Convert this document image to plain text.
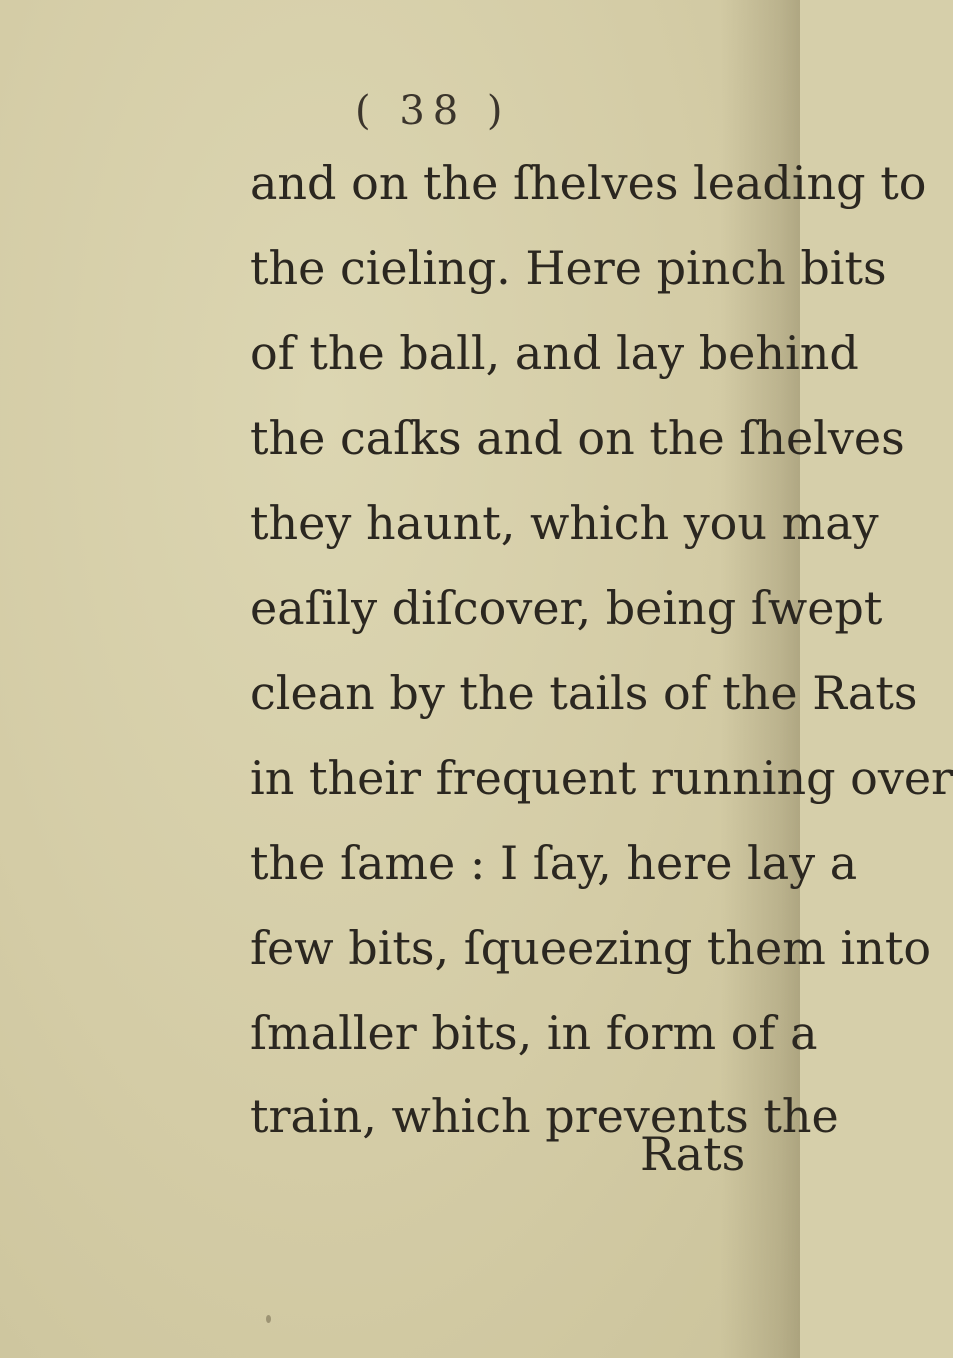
( 38 )
and on the ſhelves leading to
the cieling. Here pinch bits
of the ball, and lay behind
the caſks and on the ſhelves
they haunt, which you may
eaſily diſcover, being ſwept
clean by the tails of the Rats
in their frequent running over
the ſame : I ſay, here lay a
few bits, ſqueezing them into
ſmaller bits, in form of a
train, which prevents the
Rats
